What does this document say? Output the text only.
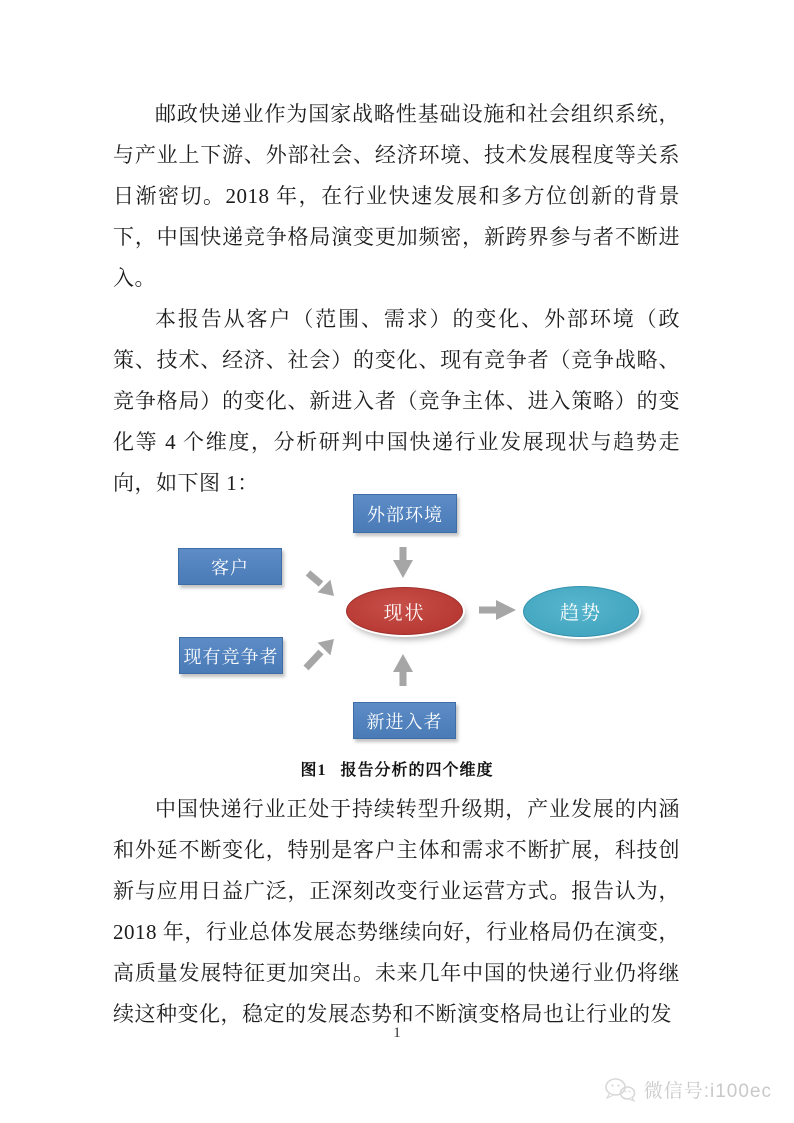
邮政快递业作为国家战略性基础设施和社会组织系统，与产业上下游、外部社会、经济环境、技术发展程度等关系日渐密切。2018 年，在行业快速发展和多方位创新的背景下，中国快递竞争格局演变更加频密，新跨界参与者不断进入。

本报告从客户（范围、需求）的变化、外部环境（政策、技术、经济、社会）的变化、现有竞争者（竞争战略、竞争格局）的变化、新进入者（竞争主体、进入策略）的变化等 4 个维度，分析研判中国快递行业发展现状与趋势走向，如下图 1：

外部环境
客户
现有竞争者
新进入者
现状	趋势
图1 报告分析的四个维度

中国快递行业正处于持续转型升级期，产业发展的内涵和外延不断变化，特别是客户主体和需求不断扩展，科技创新与应用日益广泛，正深刻改变行业运营方式。报告认为，2018 年，行业总体发展态势继续向好，行业格局仍在演变，高质量发展特征更加突出。未来几年中国的快递行业仍将继续这种变化，稳定的发展态势和不断演变格局也让行业的发

1
微信号:i100ec
